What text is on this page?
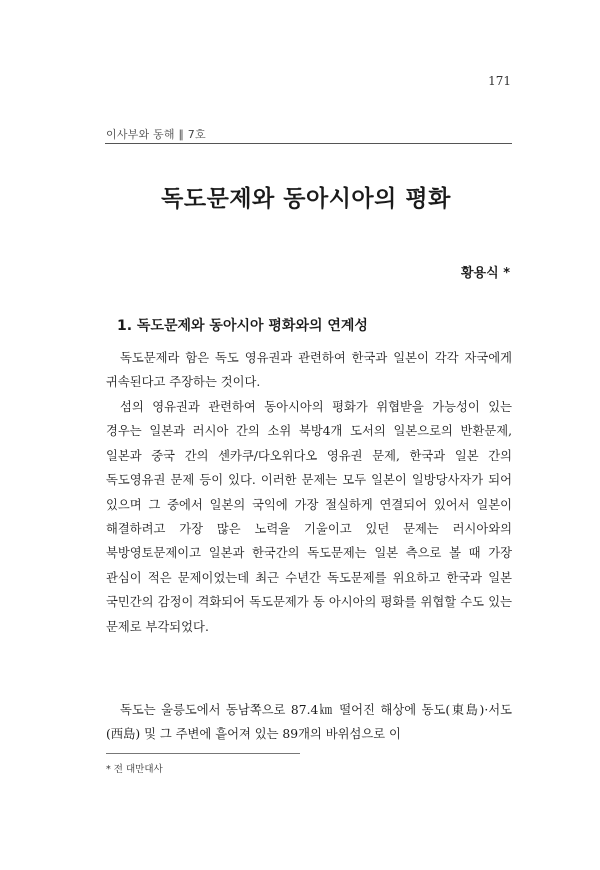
171
이사부와 동해 ∥ 7호
독도문제와 동아시아의 평화
황용식 *
1. 독도문제와 동아시아 평화와의 연계성

독도문제라 함은 독도 영유권과 관련하여 한국과 일본이 각각 자국에게 귀속된다고 주장하는 것이다.

섬의 영유권과 관련하여 동아시아의 평화가 위협받을 가능성이 있는 경우는 일본과 러시아 간의 소위 북방4개 도서의 일본으로의 반환문제, 일본과 중국 간의 센카쿠/다오위다오 영유권 문제, 한국과 일본 간의 독도영유권 문제 등이 있다. 이러한 문제는 모두 일본이 일방당사자가 되어 있으며 그 중에서 일본의 국익에 가장 절실하게 연결되어 있어서 일본이 해결하려고 가장 많은 노력을 기울이고 있던 문제는 러시아와의 북방영토문제이고 일본과 한국간의 독도문제는 일본 측으로 볼 때 가장 관심이 적은 문제이었는데 최근 수년간 독도문제를 위요하고 한국과 일본 국민간의 감정이 격화되어 독도문제가 동 아시아의 평화를 위협할 수도 있는 문제로 부각되었다.

독도는 울릉도에서 동남쪽으로 87.4㎞ 떨어진 해상에 동도(東島)·서도(西島) 및 그 주변에 흩어져 있는 89개의 바위섬으로 이

* 전 대만대사
